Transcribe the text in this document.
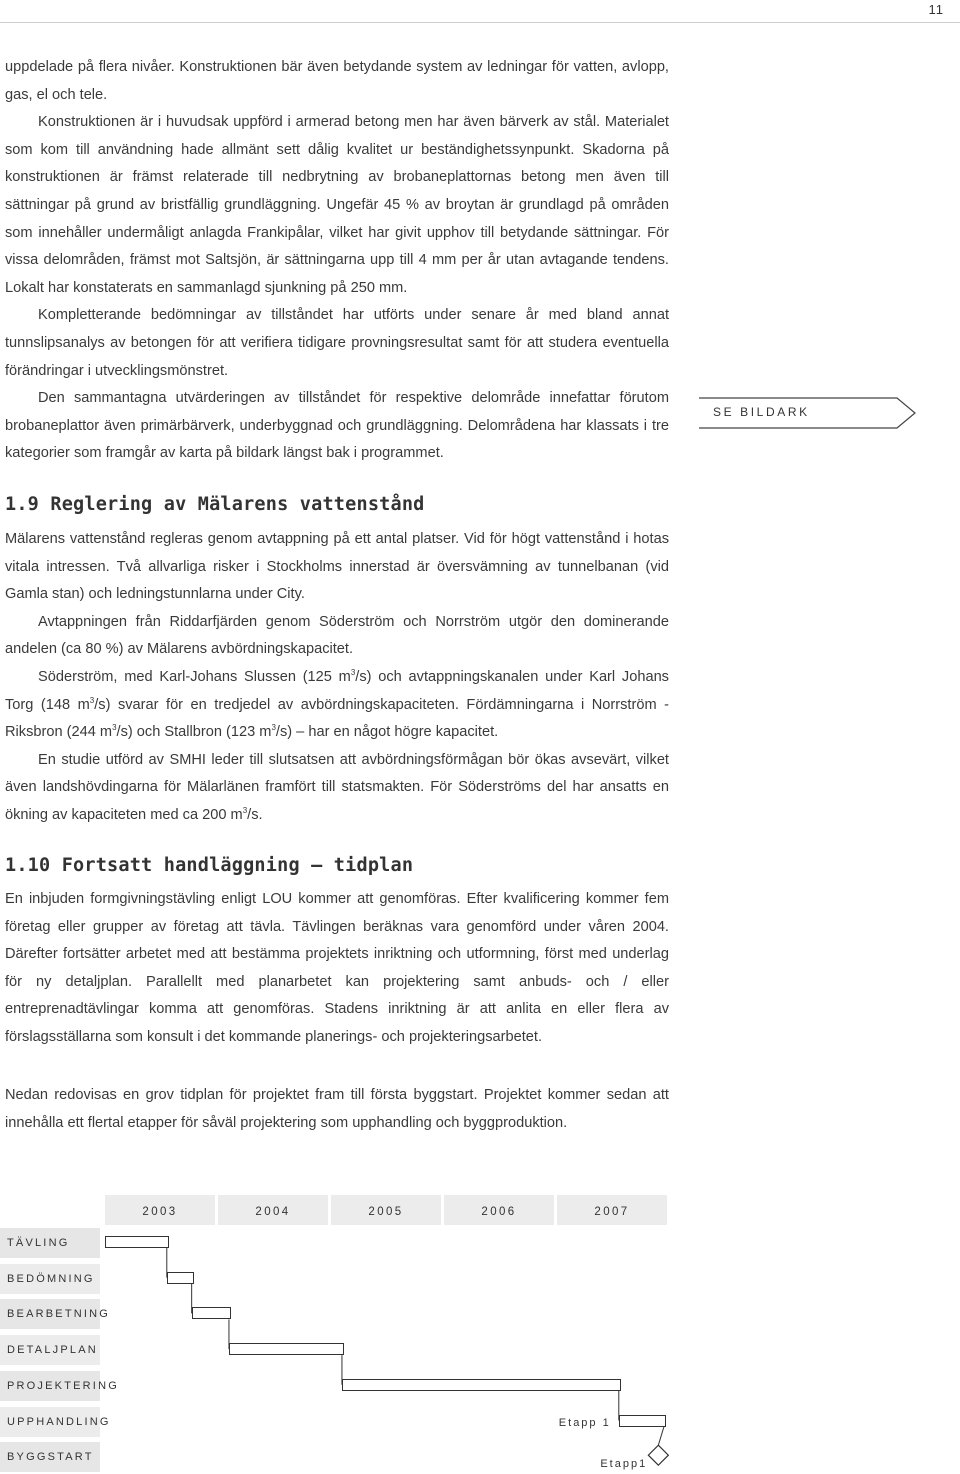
11

uppdelade på flera nivåer. Konstruktionen bär även betydande system av ledningar för vatten, avlopp, gas, el och tele.

Konstruktionen är i huvudsak uppförd i armerad betong men har även bärverk av stål. Materialet som kom till användning hade allmänt sett dålig kvalitet ur beständighetssynpunkt. Skadorna på konstruktionen är främst relaterade till nedbrytning av brobaneplattornas betong men även till sättningar på grund av bristfällig grundläggning. Ungefär 45 % av broytan är grundlagd på områden som innehåller undermåligt anlagda Frankipålar, vilket har givit upphov till betydande sättningar. För vissa delområden, främst mot Saltsjön, är sättningarna upp till 4 mm per år utan avtagande tendens. Lokalt har konstaterats en sammanlagd sjunkning på 250 mm.

Kompletterande bedömningar av tillståndet har utförts under senare år med bland annat tunnslipsanalys av betongen för att verifiera tidigare provningsresultat samt för att studera eventuella förändringar i utvecklingsmönstret.

Den sammantagna utvärderingen av tillståndet för respektive delområde innefattar förutom brobaneplattor även primärbärverk, underbyggnad och grundläggning. Delområdena har klassats i tre kategorier som framgår av karta på bildark längst bak i programmet.

SE BILDARK
1.9 Reglering av Mälarens vattenstånd

Mälarens vattenstånd regleras genom avtappning på ett antal platser. Vid för högt vattenstånd i hotas vitala intressen. Två allvarliga risker i Stockholms innerstad är översvämning av tunnelbanan (vid Gamla stan) och ledningstunnlarna under City.

Avtappningen från Riddarfjärden genom Söderström och Norrström utgör den dominerande andelen (ca 80 %) av Mälarens avbördningskapacitet.

Söderström, med Karl-Johans Slussen (125 $m^3/s$) och avtappningskanalen under Karl Johans Torg (148 $m^3/s$) svarar för en tredjedel av avbördningskapaciteten. Fördämningarna i Norrström - Riksbron (244 $m^3/s$) och Stallbron (123 $m^3/s$) – har en något högre kapacitet.

En studie utförd av SMHI leder till slutsatsen att avbördningsförmågan bör ökas avsevärt, vilket även landshövdingarna för Mälarlänen framfört till statsmakten. För Söderströms del har ansatts en ökning av kapaciteten med ca 200 $m^3/s$.

1.10 Fortsatt handläggning – tidplan

En inbjuden formgivningstävling enligt LOU kommer att genomföras. Efter kvalificering kommer fem företag eller grupper av företag att tävla. Tävlingen beräknas vara genomförd under våren 2004. Därefter fortsätter arbetet med att bestämma projektets inriktning och utformning, först med underlag för ny detaljplan. Parallellt med planarbetet kan projektering samt anbuds- och / eller entreprenadtävlingar komma att genomföras. Stadens inriktning är att anlita en eller flera av förslagsställarna som konsult i det kommande planerings- och projekteringsarbetet.

Nedan redovisas en grov tidplan för projektet fram till första byggstart. Projektet kommer sedan att innehålla ett flertal etapper för såväl projektering som upphandling och byggproduktion.

2003	2004	2005	2006	2007
TÄVLING
BEDÖMNING
BEARBETNING
DETALJPLAN
PROJEKTERING
UPPHANDLING	Etapp 1
BYGGSTART
Etapp1
